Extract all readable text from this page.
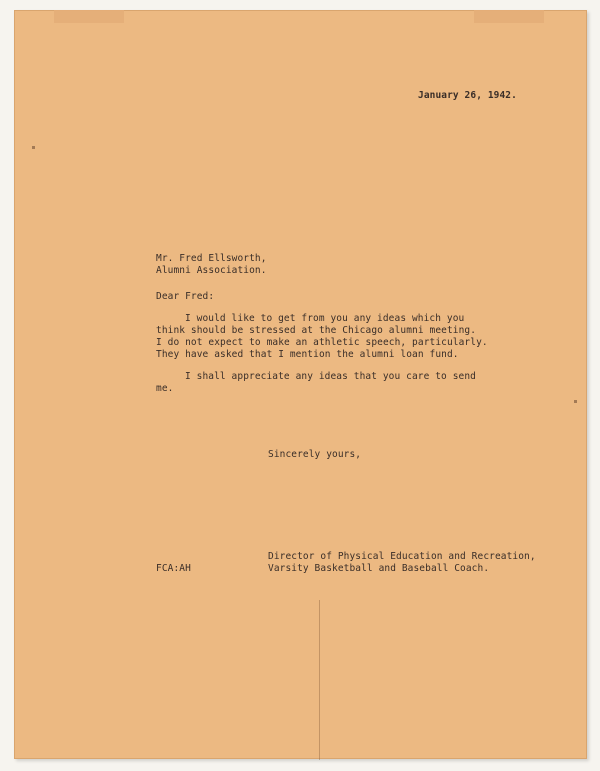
January 26, 1942.
Mr. Fred Ellsworth,
Alumni Association.
Dear Fred:
I would like to get from you any ideas which you
think should be stressed at the Chicago alumni meeting.
I do not expect to make an athletic speech, particularly.
They have asked that I mention the alumni loan fund.
I shall appreciate any ideas that you care to send
me.
Sincerely yours,
Director of Physical Education and Recreation,
Varsity Basketball and Baseball Coach.
FCA:AH
